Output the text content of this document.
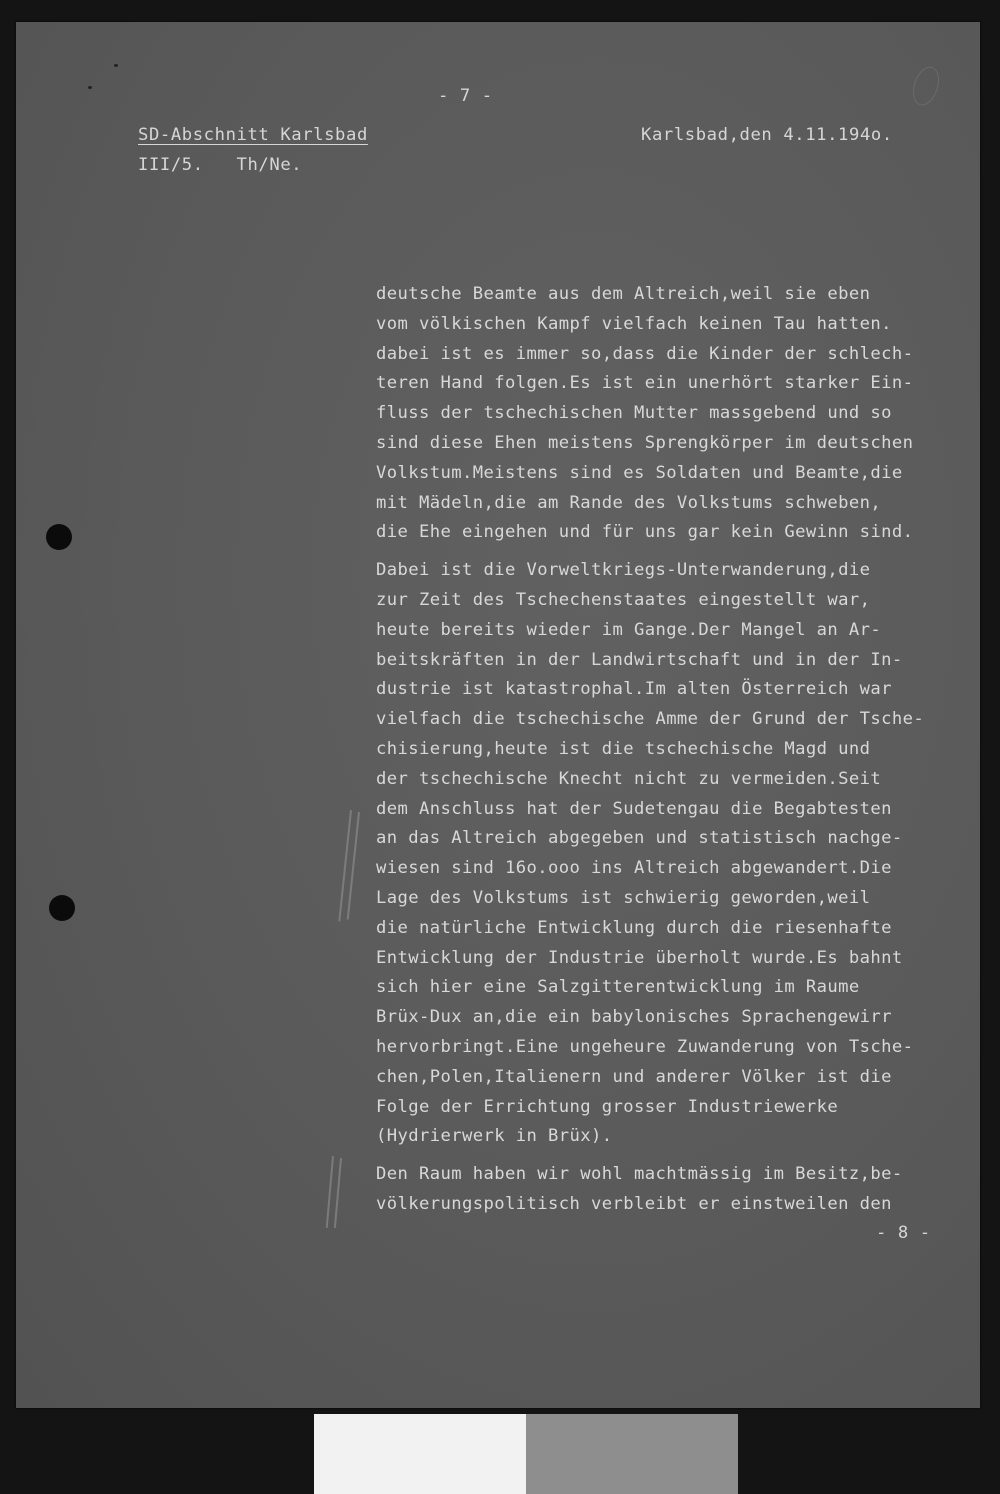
- 7 -
SD-Abschnitt Karlsbad
III/5.   Th/Ne.
Karlsbad,den 4.11.194o.
deutsche Beamte aus dem Altreich,weil sie eben
vom völkischen Kampf vielfach keinen Tau hatten.
dabei ist es immer so,dass die Kinder der schlech-
teren Hand folgen.Es ist ein unerhört starker Ein-
fluss der tschechischen Mutter massgebend und so
sind diese Ehen meistens Sprengkörper im deutschen
Volkstum.Meistens sind es Soldaten und Beamte,die
mit Mädeln,die am Rande des Volkstums schweben,
die Ehe eingehen und für uns gar kein Gewinn sind.
Dabei ist die Vorweltkriegs-Unterwanderung,die
zur Zeit des Tschechenstaates eingestellt war,
heute bereits wieder im Gange.Der Mangel an Ar-
beitskräften in der Landwirtschaft und in der In-
dustrie ist katastrophal.Im alten Österreich war
vielfach die tschechische Amme der Grund der Tsche-
chisierung,heute ist die tschechische Magd und
der tschechische Knecht nicht zu vermeiden.Seit
dem Anschluss hat der Sudetengau die Begabtesten
an das Altreich abgegeben und statistisch nachge-
wiesen sind 16o.ooo ins Altreich abgewandert.Die
Lage des Volkstums ist schwierig geworden,weil
die natürliche Entwicklung durch die riesenhafte
Entwicklung der Industrie überholt wurde.Es bahnt
sich hier eine Salzgitterentwicklung im Raume
Brüx-Dux an,die ein babylonisches Sprachengewirr
hervorbringt.Eine ungeheure Zuwanderung von Tsche-
chen,Polen,Italienern und anderer Völker ist die
Folge der Errichtung grosser Industriewerke
(Hydrierwerk in Brüx).
Den Raum haben wir wohl machtmässig im Besitz,be-
völkerungspolitisch verbleibt er einstweilen den
- 8 -
